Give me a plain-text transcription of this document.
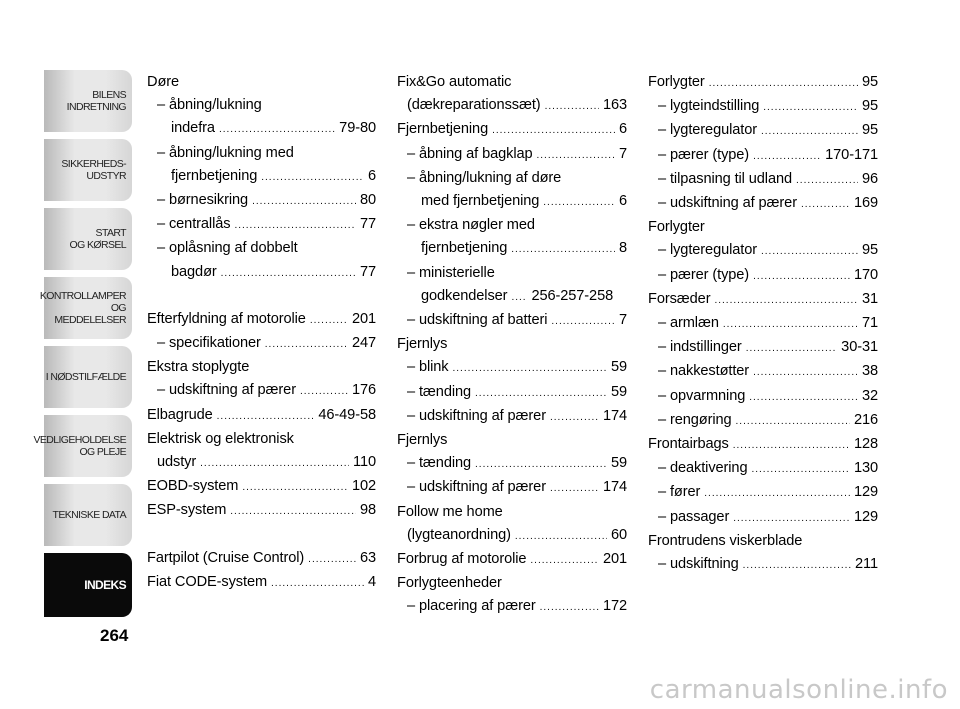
BILENS
INDRETNING
SIKKERHEDS-
UDSTYR
START
OG KØRSEL
KONTROLLAMPER
OG MEDDELELSER
I NØDSTILFÆLDE
VEDLIGEHOLDELSE
OG PLEJE
TEKNISKE DATA
INDEKS
264
Døre
– åbning/lukning
indefra .....	79-80
– åbning/lukning med
fjernbetjening .....	6
– børnesikring .....	80
– centrallås .....	77
– oplåsning af dobbelt
bagdør .....	77
Efterfyldning af motorolie .....	201
– specifikationer .....	247
Ekstra stoplygte
– udskiftning af pærer .....	176
Elbagrude .....	46-49-58
Elektrisk og elektronisk
udstyr .....	110
EOBD-system .....	102
ESP-system .....	98
Fartpilot (Cruise Control) .....	63
Fiat CODE-system .....	4
Fix&Go automatic
(dækreparationssæt) .....	163
Fjernbetjening .....	6
– åbning af bagklap .....	7
– åbning/lukning af døre
med fjernbetjening .....	6
– ekstra nøgler med
fjernbetjening .....	8
– ministerielle
godkendelser ..... 256-257-258
– udskiftning af batteri .....	7
Fjernlys
– blink .....	59
– tænding .....	59
– udskiftning af pærer .....	174
Fjernlys
– tænding .....	59
– udskiftning af pærer .....	174
Follow me home
(lygteanordning) .....	60
Forbrug af motorolie .....	201
Forlygteenheder
– placering af pærer .....	172
Forlygter .....	95
– lygteindstilling .....	95
– lygteregulator .....	95
– pærer (type) .....	170-171
– tilpasning til udland .....	96
– udskiftning af pærer .....	169
Forlygter
– lygteregulator .....	95
– pærer (type) .....	170
Forsæder .....	31
– armlæn .....	71
– indstillinger .....	30-31
– nakkestøtter .....	38
– opvarmning .....	32
– rengøring .....	216
Frontairbags .....	128
– deaktivering .....	130
– fører .....	129
– passager .....	129
Frontrudens viskerblade
– udskiftning .....	211
carmanualsonline.info
